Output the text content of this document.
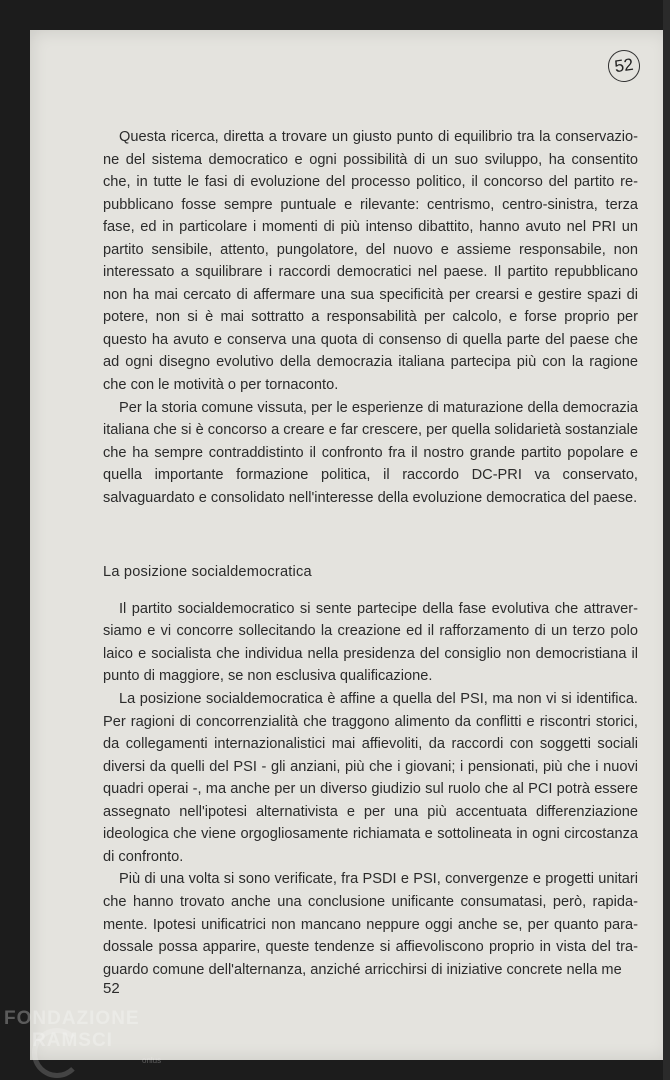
52

Questa ricerca, diretta a trovare un giusto punto di equilibrio tra la conservazione del sistema democratico e ogni possibilità di un suo sviluppo, ha consentito che, in tutte le fasi di evoluzione del processo politico, il concorso del partito repubblicano fosse sempre puntuale e rilevante: centrismo, centro-sinistra, terza fase, ed in particolare i momenti di più intenso dibattito, hanno avuto nel PRI un partito sensibile, attento, pungolatore, del nuovo e assieme responsabile, non interessato a squilibrare i raccordi democratici nel paese. Il partito repubblicano non ha mai cercato di affermare una sua specificità per crearsi e gestire spazi di potere, non si è mai sottratto a responsabilità per calcolo, e forse proprio per questo ha avuto e conserva una quota di consenso di quella parte del paese che ad ogni disegno evolutivo della democrazia italiana partecipa più con la ragione che con le motività o per tornaconto.

Per la storia comune vissuta, per le esperienze di maturazione della democrazia italiana che si è concorso a creare e far crescere, per quella solidarietà sostanziale che ha sempre contraddistinto il confronto fra il nostro grande partito popolare e quella importante formazione politica, il raccordo DC-PRI va conservato, salvaguardato e consolidato nell'interesse della evoluzione democratica del paese.

La posizione socialdemocratica

Il partito socialdemocratico si sente partecipe della fase evolutiva che attraversiamo e vi concorre sollecitando la creazione ed il rafforzamento di un terzo polo laico e socialista che individua nella presidenza del consiglio non democristiana il punto di maggiore, se non esclusiva qualificazione.

La posizione socialdemocratica è affine a quella del PSI, ma non vi si identifica. Per ragioni di concorrenzialità che traggono alimento da conflitti e riscontri storici, da collegamenti internazionalistici mai affievoliti, da raccordi con soggetti sociali diversi da quelli del PSI - gli anziani, più che i giovani; i pensionati, più che i nuovi quadri operai -, ma anche per un diverso giudizio sul ruolo che al PCI potrà essere assegnato nell'ipotesi alternativista e per una più accentuata differenziazione ideologica che viene orgogliosamente richiamata e sottolineata in ogni circostanza di confronto.

Più di una volta si sono verificate, fra PSDI e PSI, convergenze e progetti unitari che hanno trovato anche una conclusione unificante consumatasi, però, rapidamente. Ipotesi unificatrici non mancano neppure oggi anche se, per quanto paradossale possa apparire, queste tendenze si affievoliscono proprio in vista del traguardo comune dell'alternanza, anziché arricchirsi di iniziative concrete nella me

52
FONDAZIONE
RAMSCI
onlus
